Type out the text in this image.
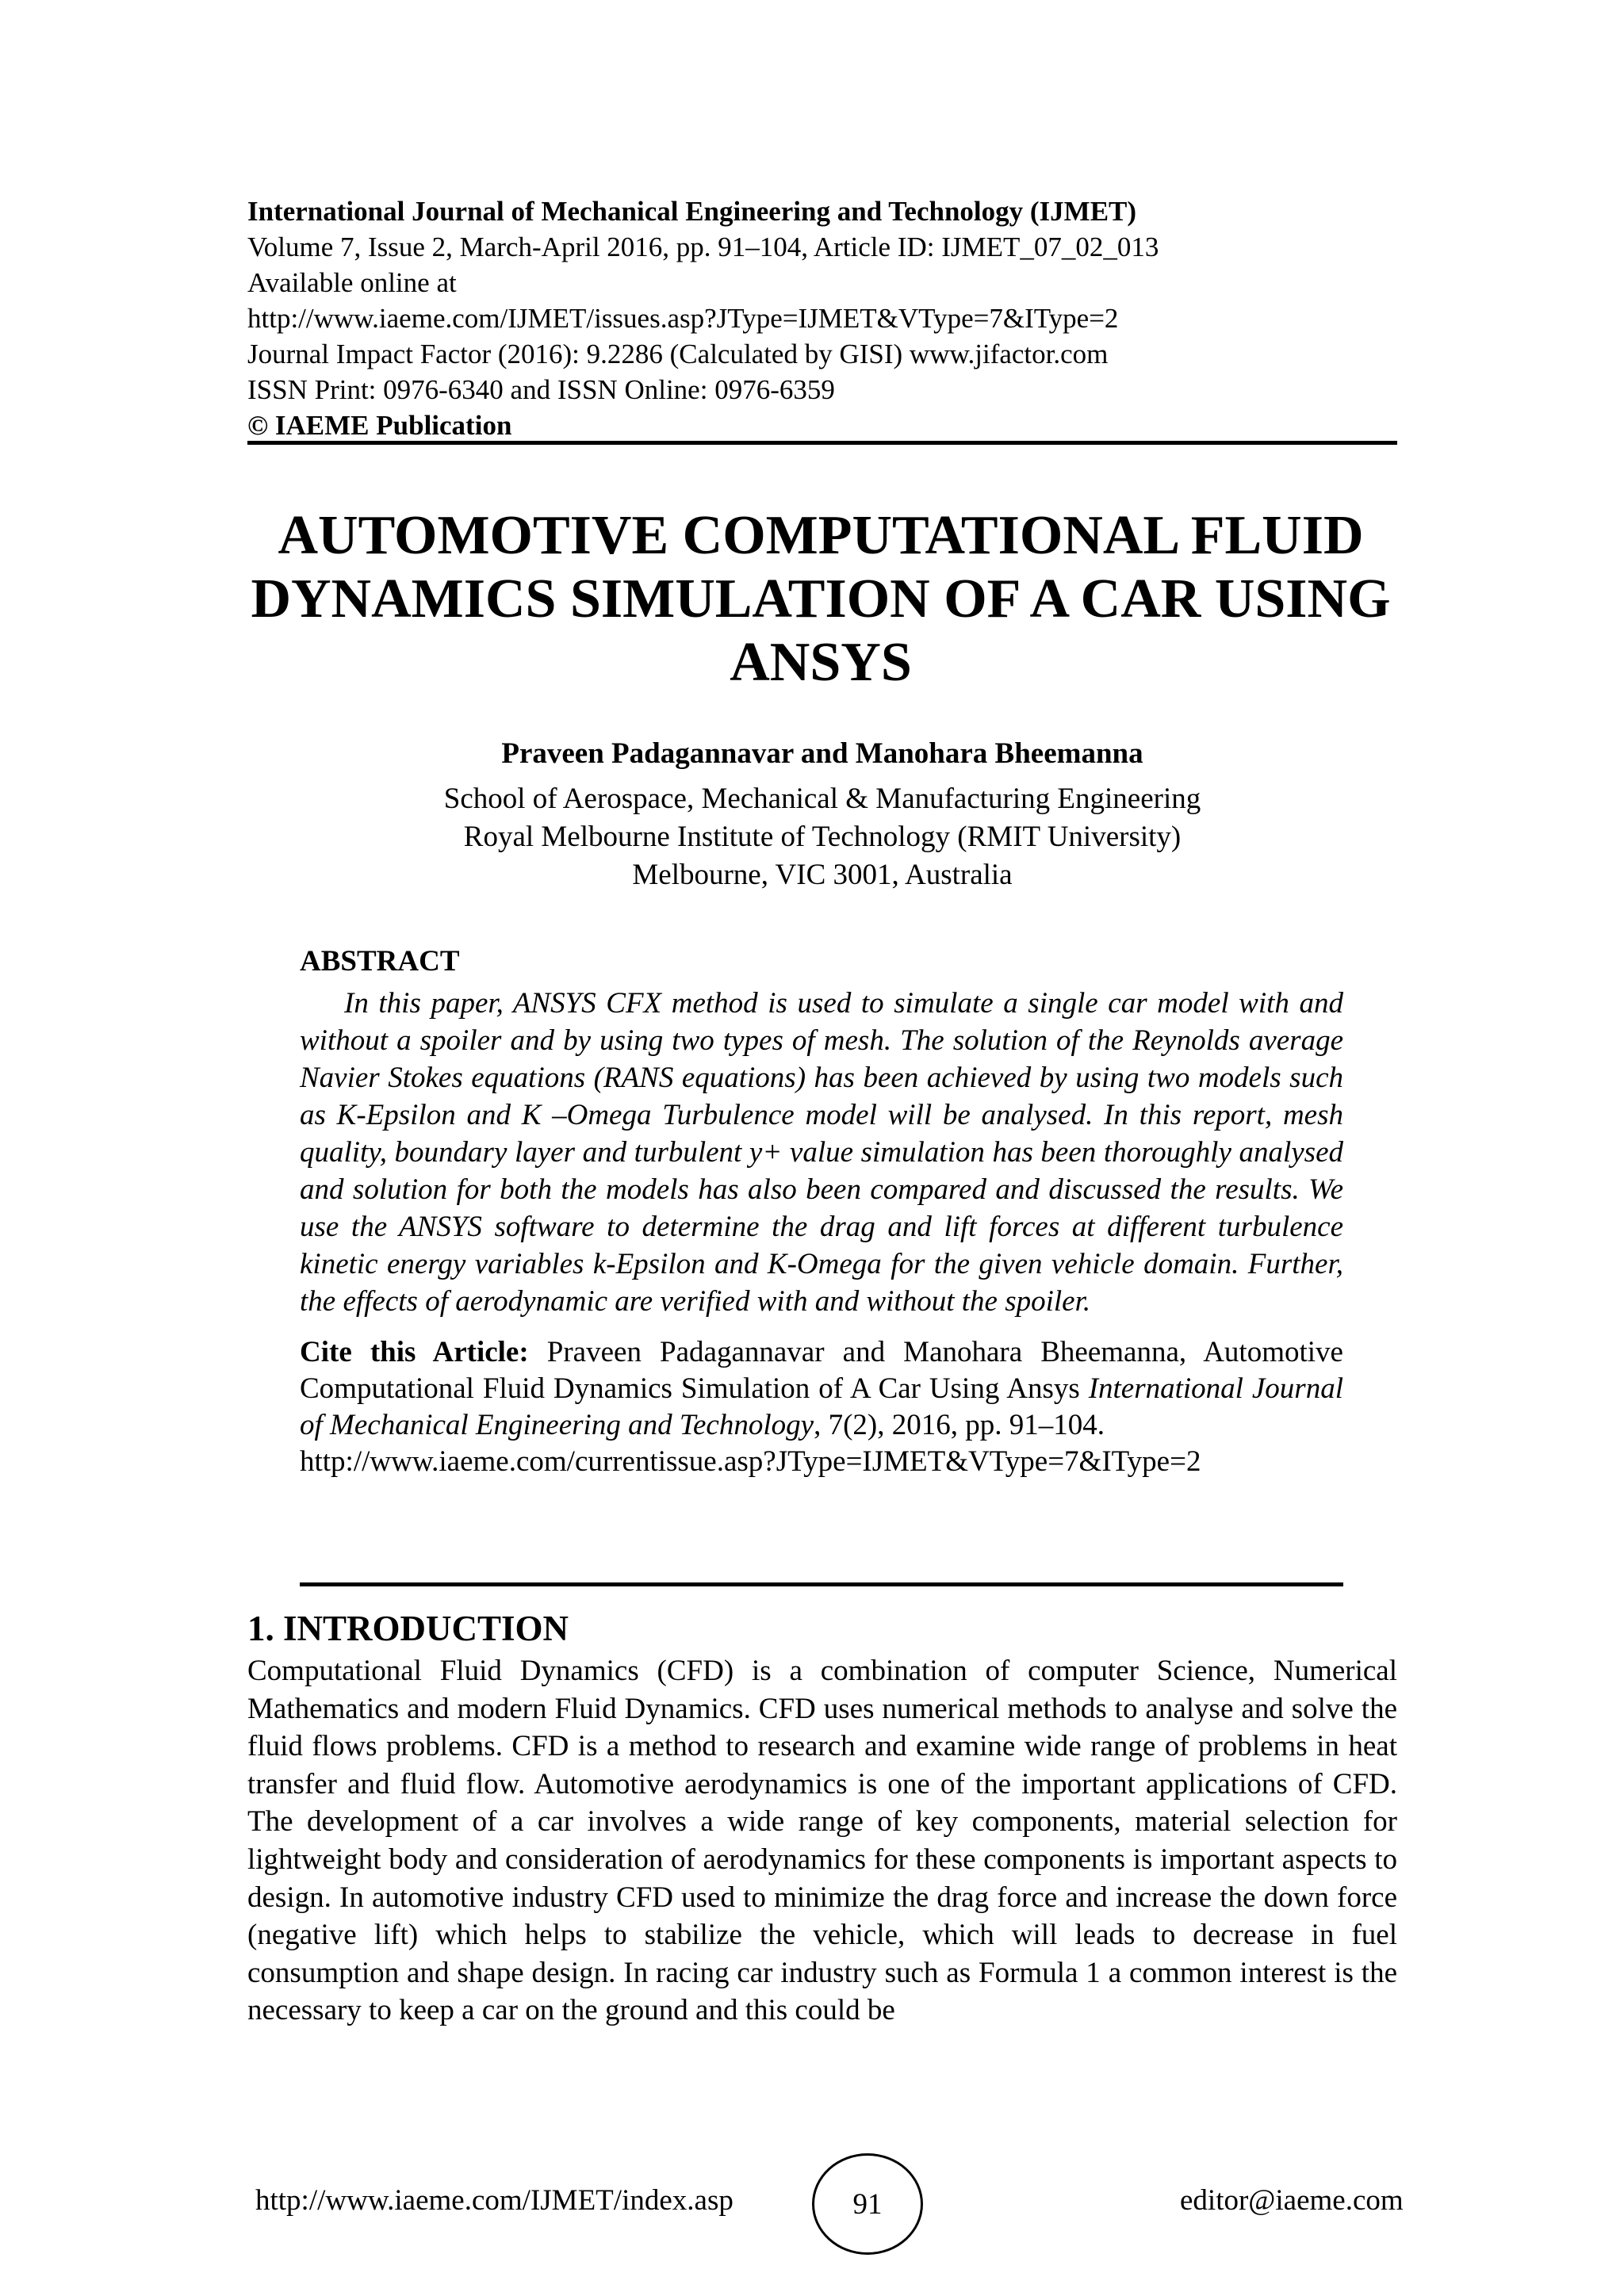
International Journal of Mechanical Engineering and Technology (IJMET)
Volume 7, Issue 2, March-April 2016, pp. 91–104, Article ID: IJMET_07_02_013
Available online at
http://www.iaeme.com/IJMET/issues.asp?JType=IJMET&VType=7&IType=2
Journal Impact Factor (2016): 9.2286 (Calculated by GISI) www.jifactor.com
ISSN Print: 0976-6340 and ISSN Online: 0976-6359
© IAEME Publication
AUTOMOTIVE COMPUTATIONAL FLUID
DYNAMICS SIMULATION OF A CAR USING
ANSYS
Praveen Padagannavar and Manohara Bheemanna
School of Aerospace, Mechanical & Manufacturing Engineering
Royal Melbourne Institute of Technology (RMIT University)
Melbourne, VIC 3001, Australia
ABSTRACT
In this paper, ANSYS CFX method is used to simulate a single car model with and without a spoiler and by using two types of mesh. The solution of the Reynolds average Navier Stokes equations (RANS equations) has been achieved by using two models such as K-Epsilon and K –Omega Turbulence model will be analysed. In this report, mesh quality, boundary layer and turbulent y+ value simulation has been thoroughly analysed and solution for both the models has also been compared and discussed the results. We use the ANSYS software to determine the drag and lift forces at different turbulence kinetic energy variables k-Epsilon and K-Omega for the given vehicle domain. Further, the effects of aerodynamic are verified with and without the spoiler.
Cite this Article: Praveen Padagannavar and Manohara Bheemanna, Automotive Computational Fluid Dynamics Simulation of A Car Using Ansys International Journal of Mechanical Engineering and Technology, 7(2), 2016, pp. 91–104.
http://www.iaeme.com/currentissue.asp?JType=IJMET&VType=7&IType=2
1. INTRODUCTION
Computational Fluid Dynamics (CFD) is a combination of computer Science, Numerical Mathematics and modern Fluid Dynamics. CFD uses numerical methods to analyse and solve the fluid flows problems. CFD is a method to research and examine wide range of problems in heat transfer and fluid flow. Automotive aerodynamics is one of the important applications of CFD. The development of a car involves a wide range of key components, material selection for lightweight body and consideration of aerodynamics for these components is important aspects to design. In automotive industry CFD used to minimize the drag force and increase the down force (negative lift) which helps to stabilize the vehicle, which will leads to decrease in fuel consumption and shape design. In racing car industry such as Formula 1 a common interest is the necessary to keep a car on the ground and this could be
http://www.iaeme.com/IJMET/index.asp	91	editor@iaeme.com
